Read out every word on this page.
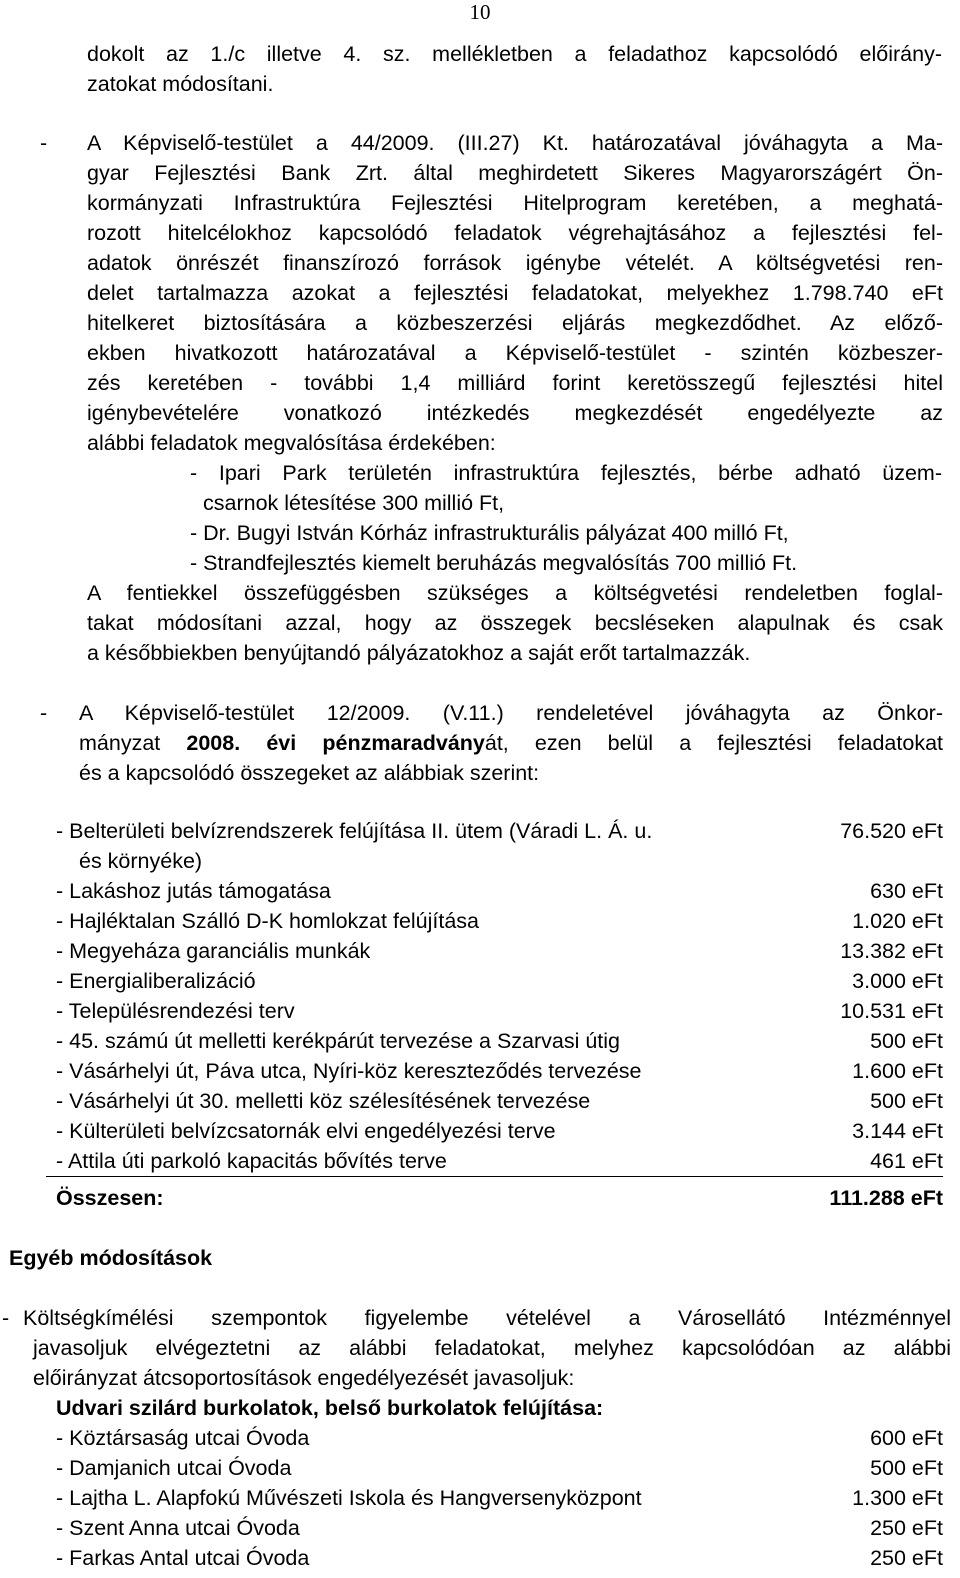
10
dokolt az 1./c illetve 4. sz. mellékletben a feladathoz kapcsolódó előirány-
zatokat módosítani.
- A Képviselő-testület a 44/2009. (III.27) Kt. határozatával jóváhagyta a Ma-
gyar Fejlesztési Bank Zrt. által meghirdetett Sikeres Magyarországért Ön-
kormányzati Infrastruktúra Fejlesztési Hitelprogram keretében, a meghatá-
rozott hitelcélokhoz kapcsolódó feladatok végrehajtásához a fejlesztési fel-
adatok önrészét finanszírozó források igénybe vételét. A költségvetési ren-
delet tartalmazza azokat a fejlesztési feladatokat, melyekhez 1.798.740 eFt
hitelkeret biztosítására a közbeszerzési eljárás megkezdődhet. Az előző-
ekben hivatkozott határozatával a Képviselő-testület - szintén közbeszer-
zés keretében - további 1,4 milliárd forint keretösszegű fejlesztési hitel
igénybevételére vonatkozó intézkedés megkezdését engedélyezte az
alábbi feladatok megvalósítása érdekében:
- Ipari Park területén infrastruktúra fejlesztés, bérbe adható üzem-
csarnok létesítése 300 millió Ft,
- Dr. Bugyi István Kórház infrastrukturális pályázat 400 milló Ft,
- Strandfejlesztés kiemelt beruházás megvalósítás 700 millió Ft.
A fentiekkel összefüggésben szükséges a költségvetési rendeletben foglal-
takat módosítani azzal, hogy az összegek becsléseken alapulnak és csak
a későbbiekben benyújtandó pályázatokhoz a saját erőt tartalmazzák.
- A Képviselő-testület 12/2009. (V.11.) rendeletével jóváhagyta az Önkor-
mányzat 2008. évi pénzmaradványát, ezen belül a fejlesztési feladatokat
és a kapcsolódó összegeket az alábbiak szerint:
- Belterületi belvízrendszerek felújítása II. ütem (Váradi L. Á. u.	76.520 eFt
és környéke)
- Lakáshoz jutás támogatása	630 eFt
- Hajléktalan Szálló D-K homlokzat felújítása	1.020 eFt
- Megyeháza garanciális munkák	13.382 eFt
- Energialiberalizáció	3.000 eFt
- Településrendezési terv	10.531 eFt
- 45. számú út melletti kerékpárút tervezése a Szarvasi útig	500 eFt
- Vásárhelyi út, Páva utca, Nyíri-köz kereszteződés tervezése	1.600 eFt
- Vásárhelyi út 30. melletti köz szélesítésének tervezése	500 eFt
- Külterületi belvízcsatornák elvi engedélyezési terve	3.144 eFt
- Attila úti parkoló kapacitás bővítés terve	461 eFt
Összesen:	111.288 eFt
Egyéb módosítások
- Költségkímélési szempontok figyelembe vételével a Városellátó Intézménnyel
javasoljuk elvégeztetni az alábbi feladatokat, melyhez kapcsolódóan az alábbi
előirányzat átcsoportosítások engedélyezését javasoljuk:
Udvari szilárd burkolatok, belső burkolatok felújítása:
- Köztársaság utcai Óvoda	600 eFt
- Damjanich utcai Óvoda	500 eFt
- Lajtha L. Alapfokú Művészeti Iskola és Hangversenyközpont	1.300 eFt
- Szent Anna utcai Óvoda	250 eFt
- Farkas Antal utcai Óvoda	250 eFt
